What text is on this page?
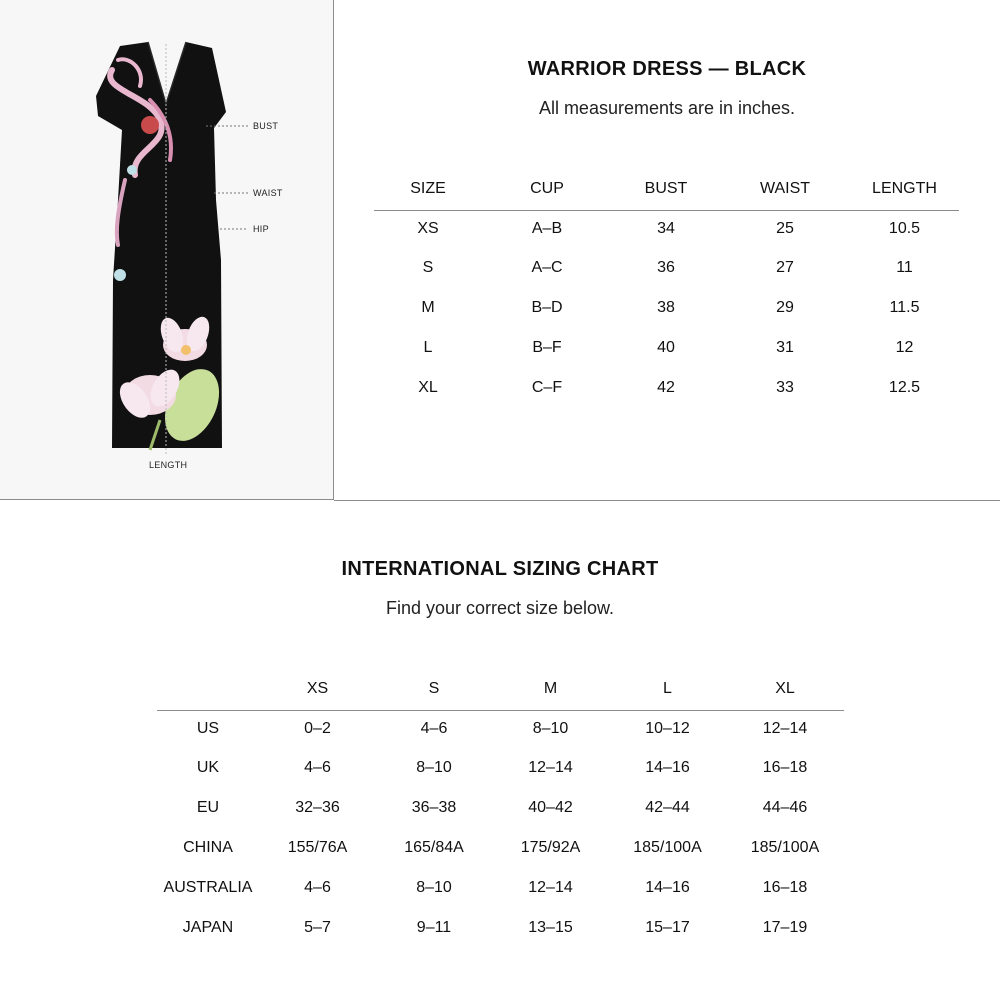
BUST
WAIST
HIP
LENGTH
WARRIOR DRESS — BLACK
All measurements are in inches.
SIZE	CUP	BUST	WAIST	LENGTH
XS	A–B	34	25	10.5
S	A–C	36	27	11
M	B–D	38	29	11.5
L	B–F	40	31	12
XL	C–F	42	33	12.5
INTERNATIONAL SIZING CHART
Find your correct size below.
	XS	S	M	L	XL
US	0–2	4–6	8–10	10–12	12–14
UK	4–6	8–10	12–14	14–16	16–18
EU	32–36	36–38	40–42	42–44	44–46
CHINA	155/76A	165/84A	175/92A	185/100A	185/100A
AUSTRALIA	4–6	8–10	12–14	14–16	16–18
JAPAN	5–7	9–11	13–15	15–17	17–19
